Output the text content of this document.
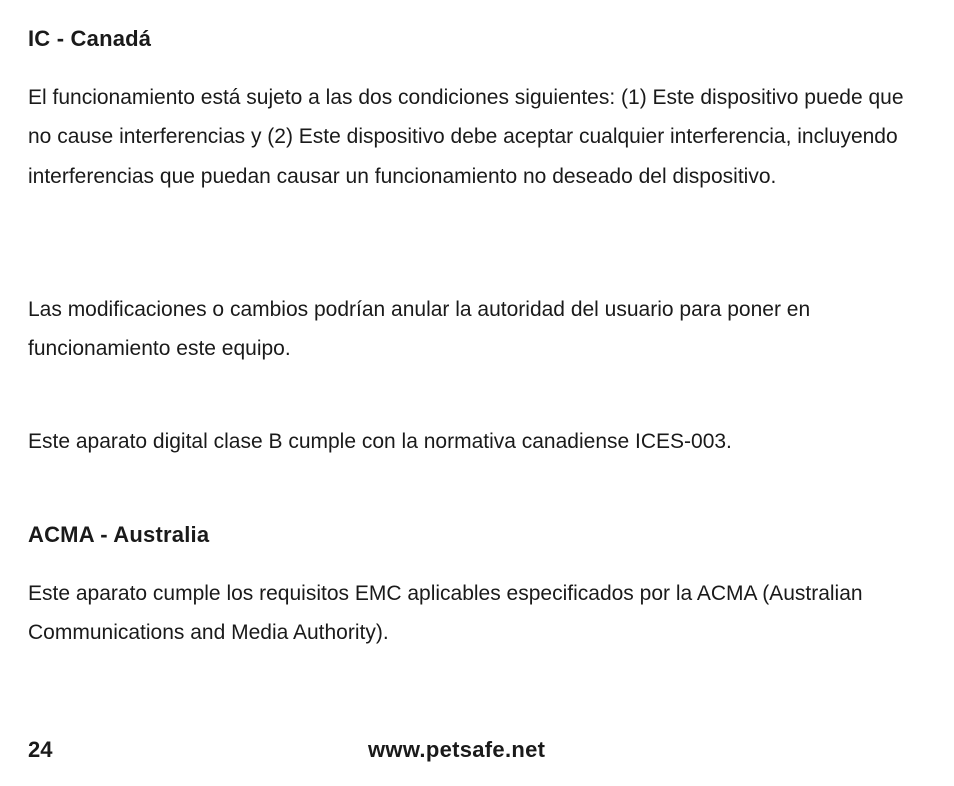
IC - Canadá

El funcionamiento está sujeto a las dos condiciones siguientes: (1) Este dispositivo puede que no cause interferencias y (2) Este dispositivo debe aceptar cualquier interferencia, incluyendo interferencias que puedan causar un funcionamiento no deseado del dispositivo.

Las modificaciones o cambios podrían anular la autoridad del usuario para poner en funcionamiento este equipo.

Este aparato digital clase B cumple con la normativa canadiense ICES-003.

ACMA - Australia

Este aparato cumple los requisitos EMC aplicables especificados por la ACMA (Australian Communications and Media Authority).

24	www.petsafe.net
